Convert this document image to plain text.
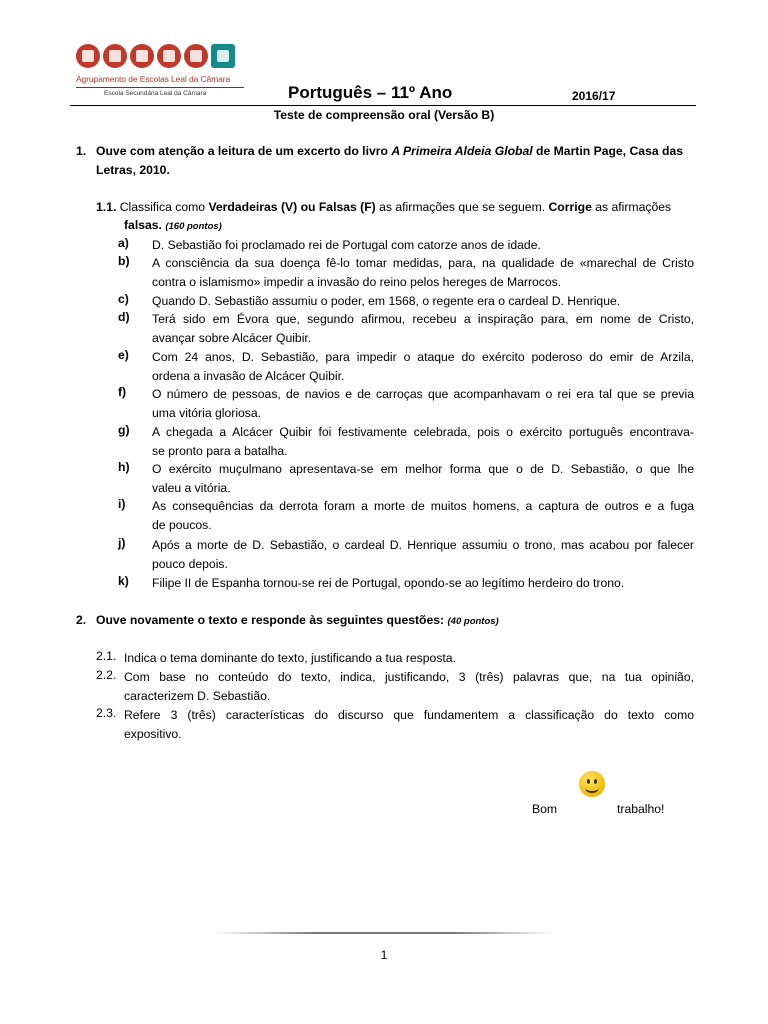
Agrupamento de Escolas Leal da Câmara
Escola Secundária Leal da Câmara	Português – 11º Ano	2016/17
Teste de compreensão oral (Versão B)
1. Ouve com atenção a leitura de um excerto do livro A Primeira Aldeia Global de Martin Page, Casa das
Letras, 2010.
1.1. Classifica como Verdadeiras (V) ou Falsas (F) as afirmações que se seguem. Corrige as afirmações
falsas. (160 pontos)
a) D. Sebastião foi proclamado rei de Portugal com catorze anos de idade.
b) A consciência da sua doença fê-lo tomar medidas, para, na qualidade de «marechal de Cristo
contra o islamismo» impedir a invasão do reino pelos hereges de Marrocos.
c) Quando D. Sebastião assumiu o poder, em 1568, o regente era o cardeal D. Henrique.
d) Terá sido em Évora que, segundo afirmou, recebeu a inspiração para, em nome de Cristo,
avançar sobre Alcácer Quibir.
e) Com 24 anos, D. Sebastião, para impedir o ataque do exército poderoso do emir de Arzila,
ordena a invasão de Alcácer Quibir.
f) O número de pessoas, de navios e de carroças que acompanhavam o rei era tal que se previa
uma vitória gloriosa.
g) A chegada a Alcácer Quibir foi festivamente celebrada, pois o exército português encontrava-
se pronto para a batalha.
h) O exército muçulmano apresentava-se em melhor forma que o de D. Sebastião, o que lhe
valeu a vitória.
i) As consequências da derrota foram a morte de muitos homens, a captura de outros e a fuga
de poucos.
j) Após a morte de D. Sebastião, o cardeal D. Henrique assumiu o trono, mas acabou por falecer
pouco depois.
k) Filipe II de Espanha tornou-se rei de Portugal, opondo-se ao legítimo herdeiro do trono.
2. Ouve novamente o texto e responde às seguintes questões: (40 pontos)
2.1. Indica o tema dominante do texto, justificando a tua resposta.
2.2. Com base no conteúdo do texto, indica, justificando, 3 (três) palavras que, na tua opinião,
caracterizem D. Sebastião.
2.3. Refere 3 (três) características do discurso que fundamentem a classificação do texto como
expositivo.
Bom	trabalho!
1
